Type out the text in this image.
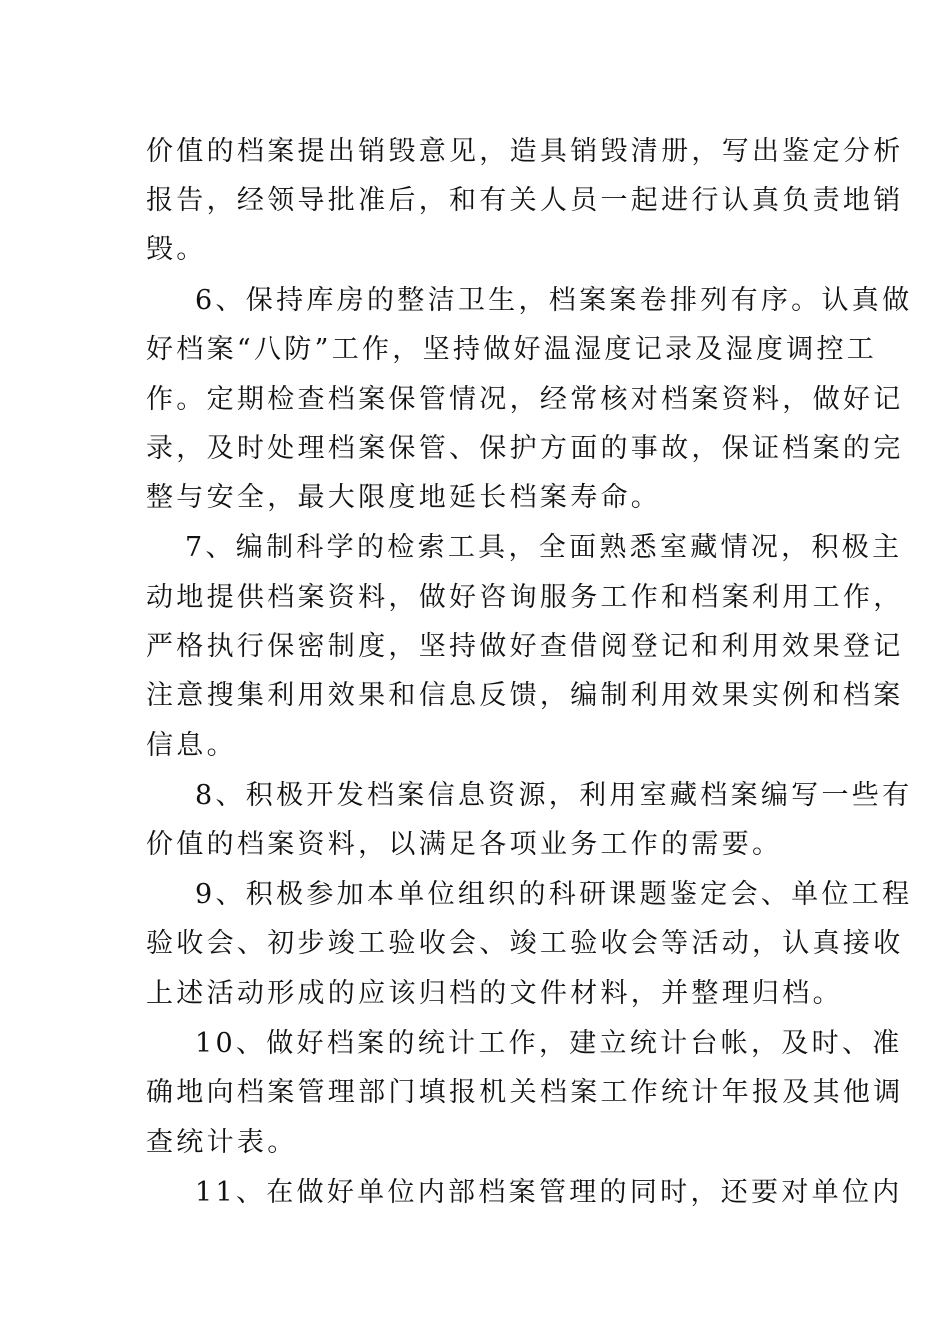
价值的档案提出销毁意见，造具销毁清册，写出鉴定分析
报告，经领导批准后，和有关人员一起进行认真负责地销
毁。
6、保持库房的整洁卫生，档案案卷排列有序。认真做
好档案“八防”工作，坚持做好温湿度记录及湿度调控工
作。定期检查档案保管情况，经常核对档案资料，做好记
录，及时处理档案保管、保护方面的事故，保证档案的完
整与安全，最大限度地延长档案寿命。
7、编制科学的检索工具，全面熟悉室藏情况，积极主
动地提供档案资料，做好咨询服务工作和档案利用工作，
严格执行保密制度，坚持做好查借阅登记和利用效果登记
注意搜集利用效果和信息反馈，编制利用效果实例和档案
信息。
8、积极开发档案信息资源，利用室藏档案编写一些有
价值的档案资料，以满足各项业务工作的需要。
9、积极参加本单位组织的科研课题鉴定会、单位工程
验收会、初步竣工验收会、竣工验收会等活动，认真接收
上述活动形成的应该归档的文件材料，并整理归档。
10、做好档案的统计工作，建立统计台帐，及时、准
确地向档案管理部门填报机关档案工作统计年报及其他调
查统计表。
11、在做好单位内部档案管理的同时，还要对单位内
